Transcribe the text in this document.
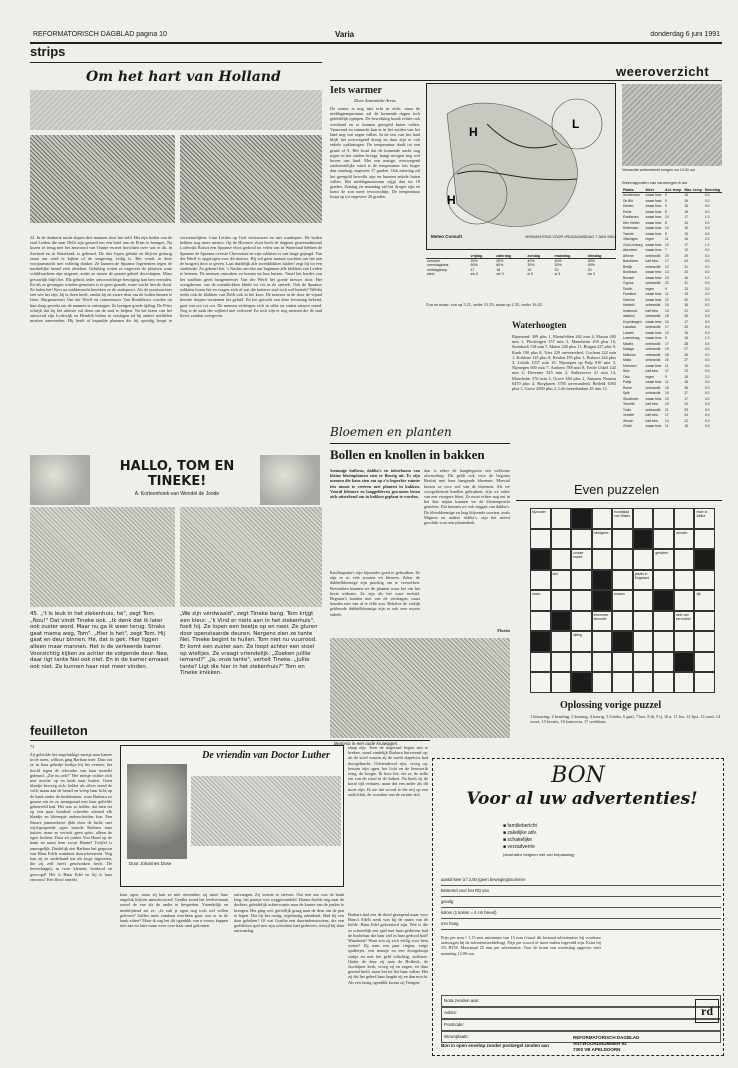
REFORMATORISCH DAGBLAD pagina 10	Varia	donderdag 6 juni 1991
strips
Om het hart van Holland
22. In de donkerte nacht slopen drie mannen door het veld. Het zijn boden van de stad Leiden die naar Delft zijn gezond om een brief aan de Prins te brengen. Na kozen ze terug met het antwoord van Oranje en met berichten over wat er dit, in Zeeland en in Waterland, is gebeurd. De drie lopen gebukt en blijven gedurig staan om rond te kijken of de omgeving veilig is. Het wordt in deze voorjaarsnacht niet volledig donker. Ze kunnen de Spaanse legertenten tegen de nachtelijke hemel zien afsteken. Gelukkig weten ze ongeveer de plaatsen waar schildwachten zijn uitgezet, zodat ze tussen de posten geheel doorsluipen. Maar gevaarlijk blijft het. Elk geluid, ieder onvoorzichtige beweging kan hen verraden. En als ze gevangen worden genomen is er geen genade, maar wacht hen de dood. Ze halen het! Kort na middernacht bereiken ze de stadspoort. Als de poortwachter ziet wie het zijn, hij te doen heeft, omdat hij de zware deur om de boden binnen te laten. Burgemeester Van der Werff en commissaris Van Bronkhorst worden uit hun slaap gewekt om de mannen te ontvangen. Ze brengen goede tijding. De Prins schrijft dat hij het uiterste zal doen om de stad te helpen. Na het lezen van het antwoord zijn Lodewijk en Hendrik helaas in verslagen tal bij andere middelen moeten aanwenden. Hij heeft al bepaalde plannen die hij spoedig hoopt te verwezenlijken. Laat Leiden op God vertrouwen en niet wanhopen. De boden hebben nog meer nieuws. Op de Hoornse vloot heeft de dappere geuzenadmiraal Lodewijk Boisot een Spaanse vloot gedood tot velen van in Waterland hebben de Spaanse de Spaanse overste Cheverauts en zijn soldaten er van lange gejaagd. Van der Werff is opgetogen over dit nieuws. Hij wil geen minuut wachten om het aan de burgerij door te geven. Laat duidelijk alle torenklokken luiden! zegt hij tot een stadsbode. Zo gebeurt het. 's Nachts om één uur beginnen alle klokken van Leiden te beieren. De mensen ontwaken en komen uit hun huizen. Vanaf het bordes van het stadhuis geeft burgemeester Van der Werff het goede nieuws door. Het vreugdevuur van de torenklokken klinkt tot ver in de omtrek. Ook de Spaanse soldaten horen het en vragen zich af wat die ketterse stad toch wel bezielt? Weldra reeds ook de klokken van Delft ook in het koor. De mensen in de door de vijand bezette dorpen vernemen het geluid. En het gerucht van deze feestzang bekend, gaat van oor tot oor. De mensen verbergen zich in stilte en vatten nieuwe moed. Nog is de zaak der vrijheid niet verloren! En toch zijn er nog mensen die de stad liever zouden overgeven.
HALLO, TOM EN TINEKE!
A. Korteenhoek-van Wendel de Joode
45. „'t Is leuk in het ziekenhuis, hè", zegt Tom. „Nou!" Dat vindt Tineke ook. „Ik denk dat ik later ook zuster word. Maar nu ga ik weer terug. Straks gaat mama weg, Tom". „Hier is het", zegt Tom. Hij gaat en deur binnen. Hé, dat is gek. Hier liggen alleen maar mannen. Het is de verkeerde kamer. Voorzichtig kijken ze achter de volgende deur. Nee, daar ligt tante Nel ook niet. En in de kamer ernaast ook niet. Ze kunnen haar niet meer vinden.
„We zijn verdwaald", zegt Tineke bang. Tom krijgt een kleur. „'k Vind er niets aan in het ziekenhuis", foeit hij. Ze lopen een beetje op en neer. Ze gluren door openstaande deuren. Nergens zien ze tante Nel. Tineke begint te huilen. Tom niet nu vuurrood. Er komt een zuster aan. Ze loopt achter een stoel op wieltjes. Ze vraagt vriendelijk: „Zoeken julllie iemand?" „Ja, onze tante", vertelt Tineke. „Jullie tante? Ligt die hier in het ziekenhuis?" Tom en Tineke knikken.
feuilleton
72
Zij geleidde het ongelukkige meisje naar kamer in de toren, wilhoss ging Barbara mee. Daar zat ze in haar gebedje boekje bij het venster, het hoofd tegen de schouder van haar moeder geleund. „Zie nu zelf!" Het meisje richtte zich met moeite op en keek naar buiten. Geen blaadje beweeg zich; helder als zilver stond de volle maan aan de hemel en wierp haar licht op de bank onder de lindebomen, waar Barbara zo gaarne zat en zo menigmaal met haar geliefde gekeuveld had. Het was zo helder, dat men tot op een paar honderd schreden afstand elk blaadje en bloempje onderscheiden kon. Een flauwe jammerkreet ijlde door de lucht; met wijd-geopende ogen staarde Barbara naar buiten; maar ze vertrok geen spier, alleen de ogen lachten. Daar zit jonker Von Hund op de bank en naast hem zwart Hanne! Twijfel is onmogelijk. Duidelijk ziet Barbara het gespoon van Hans Edels wambuis doorschemeren. Nog kan zij ze onderhand me als hoge ingezeten, die zij zelf heeft geschonken bezit. De heerschappij, in twee kleuren, honkrod en gewrogd! Het is Hans Edel en hij is haar ontrouw! Een fluwt ontrekt
De vriendin van Doctor Luther
Door Johannes Dose
haar ogen, maar zij kan ze niet afwenden; zij moet haar ongeluk blijven aanschouwen! Gyntha stond het leedvermaak zowel de ene als de ander te bespieden. Vriendelijk en medelijdend zei ze: „Je zult je ogen nog toch wel willen geloven? Zullen niets vandaan overheen gaat: zou er in de bank zitten? Maar ik zag het dit ogenblik van u vrouw kappen niet aan en later maar weer over haar rand gekomen.
ontvangen. Zij wenste te sterven. Om tien uur was de bank leeg, het paartje was weggewandeld. Hanna durfde nog naar de dochter, geleidelijk achterwaarts naar de kamer van de jonker te brengen. Het ging wel, gerieflijk graag naar de deur om de pen te legen. Dat bij het rustig, regelmatig ademhaal. Had hij een daar gekeken? Of wat Gyntha een daavindenstootens, die een goddeloos spel met zijn schoolme had gedreven, terwijl hij daar ontwaarlag.
slaap zijn. Toen de dageraad begon aan te breken, stond eindelijk Barbara huiverend op: uit de stoel waarin zij de nacht slapeloos had doorgebracht. Ochtendrood rijst, vroeg op, ketsten zijn ogen, het licht en de leeuwerik zong, de hoogte. Ik hoor het, zei ze, de stille zin van de wind in de luiken. Na heeft zij de korte tijd verlaten, maar dat een ander als dit moet zijn. Ik zie dat woord te die mij op een oude klok, de woorden van de zwarte ziel.
Barbara had een de dood gezegend maar voor Hans's Edels sterk was hij de naam van de liefde. Hans Edel gekoesterd zijn. Wie is die zo schonelijk een spel met haar gedreven had de buchelaar die haar ziel in haar gedood had? Waarheen? Waar zou zij zich veilig voor hem weten? Zij nam een paar ringen, enige spulletjes, een muntje en een doorgeknipt stukje en met het geld schichtig, stokhare. Onder de deur zij naar de Hofkerk, de Jacobijner kerk, vroeg zij en zagen, en daar gerend hield, maar het lot liet haar vallen. Het zij dat het gebed haar laagde zij en dan mocht. Als een lastig ogenblik kwam zij Tiengen.
weeroverzicht
Iets warmer
Door Annemieke Arens
De zomer is nog niet echt in zicht, maar de middagtemperatuur zal de komende dagen toch geleidelijk oplopen. De bewolking houdt echter ook overhand en er kunnen geregeld buien vallen. Vanavond en vannacht kan er in het zuiden van het land nog wat regen vallen. In de rest van het land blijft het overwegend droog en daar zijn er ook enkele opklaringen. De temperatuur daalt tot een graad of 9. Het front dat de komende nacht nog regen in het zuiden brengt, hangt morgen nog wel boven ons land. Met een matige, overwegend zuidwestelijke wind is de temperatuur iets hoger dan vandaag, ongeveer 17 graden. Ook zaterdag zal het geregeld bewolkt zijn en kunnen enkele buien vallen. Het middagmaximum stijgt dan tot 18 graden. Zondag en maandag zal het droger zijn en komt de zon meer tevoorschijn. De temperatuur loopt op tot ongeveer 20 graden.
H
L
H
Meteo Consult	VERWACHTING VOOR VRIJDAGMIDDAG 7 JUNI 1991
	vrijdag	zaterdag	zondag	maandag	dinsdag
zonuren	20%	25%	40%	40%	30%
neerslagkans	60%	60%	30%	30%	40%
middagtemp.	17	18	19	20	20
wind	zw 3	zw 3	w 3	w 3	zw 3
Zon en maan: zon op 5.21, onder 21.55; maan op 2.55, onder 16.42.
Verwachte wolkenbeeld morgen om 13.00 uur
Weerrapporten van vanmorgen 8 uur
Plaats	Weer	Act. temp	Max. temp	Neerslag
Amsterdam	zwaar bew.	9	16	0.0
De Bilt	zwaar bew.	9	16	0.0
Deelen	zwaar bew.	9	15	0.0
Eelde	zwaar bew.	8	15	0.0
Eindhoven	zwaar bew.	10	17	1.0
Den Helder	zwaar bew.	8	14	0.0
Rotterdam	zwaar bew.	10	16	0.0
Twente	zwaar bew.	8	15	0.0
Vlissingen	regen	11	16	2.0
Zuid-Limburg	zwaar bew.	10	17	1.0
Aberdeen	zwaar bew.	7	12	0.0
Athene	onbewolkt	20	29	0.0
Barcelona	half bew.	17	24	0.0
Berlijn	onbewolkt	12	21	0.0
Bordeaux	zwaar bew.	13	20	0.0
Brussel	zwaar bew.	10	16	1.0
Cyprus	onbewolkt	22	31	0.0
Dublin	regen	9	13	3.0
Frankfurt	zwaar bew.	11	19	0.0
Genève	zwaar bew.	12	20	0.0
Helsinki	onbewolkt	10	18	0.0
Innsbruck	half bew.	13	21	0.0
Istanbul	onbewolkt	18	26	0.0
Kopenhagen	zwaar bew.	10	17	0.0
Lissabon	onbewolkt	17	25	0.0
Londen	zwaar bew.	10	16	0.0
Luxemburg	zwaar bew.	9	16	1.0
Madrid	onbewolkt	17	28	0.0
Malaga	onbewolkt	19	27	0.0
Mallorca	onbewolkt	18	26	0.0
Malta	onbewolkt	20	27	0.0
München	zwaar bew.	11	19	0.0
Nice	half bew.	17	23	0.0
Oslo	regen	9	15	2.0
Parijs	zwaar bew.	11	18	0.0
Rome	onbewolkt	18	26	0.0
Split	onbewolkt	19	27	0.0
Stockholm	zwaar bew.	10	17	0.0
Tenerife	half bew.	19	24	0.0
Tunis	onbewolkt	21	29	0.0
Venetië	half bew.	17	24	0.0
Wenen	half bew.	14	22	0.0
Zürich	zwaar bew.	11	18	0.0
Waterhoogten
Rijnmond: 309 plus 1, Rheinfelden 262 min 4, Maxau 492 min 1, Plochingen 157 min 3, Mannheim 259 plus 16, Steinbach 118 min 7, Mainz 240 plus 11, Bingen 227 plus 9, Kaub 190 plus 8, Trier 229 onveranderd, Cochem 222 min 1, Koblenz 145 plus 8, Keulen 195 plus 1, Ruhrort 244 plus 3, Lobith 1037 min 10, Nijmegen op Pulp 810 min 3, Nijmegen 600 min 7, Arnhem 788 min 8, Eefde Uskel 242 min 4, Deventer 325 min 2, Kalkenveer 21 min 14, Monsheim 576 min 3, Grave 484 plus 2, Ampsen Neuzen 6470 plus 4, Borgharen 3785 onveranderd, Belfeld 1063 plus 1, Grave 4389 plus 2, Lith benedendam 45 min 12.
Bloemen en planten
Bollen en knollen in bakken
Sommige bulbeus, dahlia's en tuberboom van kleine bloemplanten zien er fleurig uit. Er zijn mensen die kans zien om op z'n beperkte ruimte iets moois te creëren met planten in bakken. Voorál kleinere en laaggebleven gewassen lenen zich uitstekend om in bakken geplant te worden.
Knolbegonia's zijn bijzonder goed te gebruiken. Ze zijn er in vele soorten en kleuren. Zeker de dubbelbloemige zijn prachtig om te verwerken. Bovendien kunnen we de planten waar het om het beste uitkomt. Ze zijn als het ware mobiel. Begonia's houden niet van de verdragen, maar houden niet van al te felle zon. Behalve de vrolijk gekleurde dubbelbloemige zijn er ook zeer mooie enkele.
dan is zeker de hangbegonia een welkome afwisseling. Dit geldt ook voor de begonia Bertini met haar hangende bloemen. Meestal kiezen ze voor wel van de bloemen. Als we voorgekiemde knollen gebruiken, zijn we zeker van een vroegere bloei. Ze moet echter nog net in het late najaar kunnen we de kleurenpracht genieten. Dat kunnen we ook zeggen van dahlia's. De kleinbloemige en laag blijvende soorten, zoals Mignon en andere dahlia's, zijn het meest geschikt voor een plantenbak.
Florist
Begonia in een oude kruiwagen.
Even puzzelen
bijzonder	hoofdstad van Wales
rivier in Afrika
toiletgerei	dromen
zonder kracht
gesloten
stel	plaats in Engeland
naam	kussen	rijk
inheemse bewoner
deel van een kabel
sitting
Oplossing vorige puzzel
1 klauwing, 2 keurling, 3 keuring, 4 keurig, 5 Grieks, 6 gaaf, 7 kez, 8 ik, 9 ij, 10 a, 11 fez, 12 lijst, 13 rond, 14 swart, 15 kwarts, 16 kanworta, 17 weekkaar.
BON
Voor al uw advertenties!
■ familiebericht
■ zakelijke adv.
■ schakelijke
■ verzadverrie
(doorhalen hetgeen niet van toepassing)
aantal keer à f 2,50 (geen bewegingsnummer
Bestemd voor het RD van
gevolg
kolom (1 kolom = 4 cm breed)
mm hoog
Prijs per mm f 1,15 met minimum van 15 mm (vanaf dit formaat advertenties bij voorkeur aanvragen bij de advertentieafdeling). Prijs per woord of moet indien ingevuld zijn. Extra bij 5% BTW. Maximaal 25 mm per advertentie. Voor de krant van woensdag opgeven vóór maandag 12.00 uur.
Nota zenden aan:
Adres:
Postcode:
Woonplaats:
Bon in open envelop zonder postzegel zenden aan
REFORMATORISCH DAGBLAD
ANTWOORDNUMMER 92
7300 VB APELDOORN
rd
